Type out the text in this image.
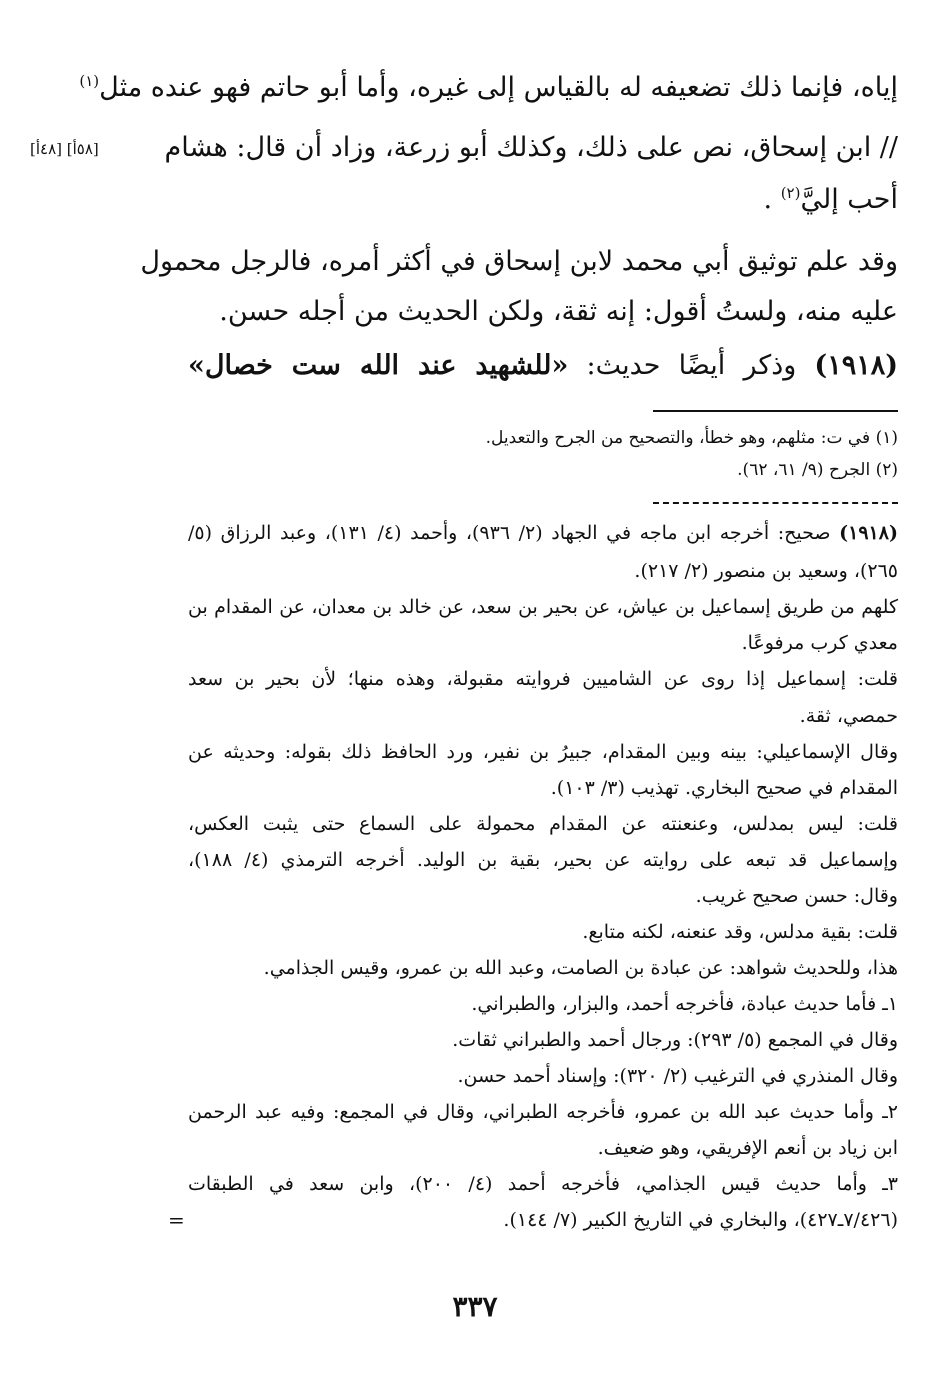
[٥٨أ] [٤٨أ]
إياه، فإنما ذلك تضعيفه له بالقياس إلى غيره، وأما أبو حاتم فهو عنده مثل$^{(١)}$
// ابن إسحاق، نص على ذلك، وكذلك أبو زرعة، وزاد أن قال: هشام
أحب إليَّ$^{(٢)}$ .
وقد علم توثيق أبي محمد لابن إسحاق في أكثر أمره، فالرجل محمول
عليه منه، ولستُ أقول: إنه ثقة، ولكن الحديث من أجله حسن.
(١٩١٨) وذكر أيضًا حديث: «للشهيد عند الله ست خصال»
(١) في ت: مثلهم، وهو خطأ، والتصحيح من الجرح والتعديل.
(٢) الجرح (٩/ ٦١، ٦٢).
(١٩١٨) صحيح: أخرجه ابن ماجه في الجهاد (٢/ ٩٣٦)، وأحمد (٤/ ١٣١)، وعبد الرزاق (٥/
٢٦٥)، وسعيد بن منصور (٢/ ٢١٧).
كلهم من طريق إسماعيل بن عياش، عن بحير بن سعد، عن خالد بن معدان، عن المقدام بن
معدي كرب مرفوعًا.
قلت: إسماعيل إذا روى عن الشاميين فروايته مقبولة، وهذه منها؛ لأن بحير بن سعد
حمصي، ثقة.
وقال الإسماعيلي: بينه وبين المقدام، جبيرُ بن نفير، ورد الحافظ ذلك بقوله: وحديثه عن
المقدام في صحيح البخاري. تهذيب (٣/ ١٠٣).
قلت: ليس بمدلس، وعنعنته عن المقدام محمولة على السماع حتى يثبت العكس،
وإسماعيل قد تبعه على روايته عن بحير، بقية بن الوليد. أخرجه الترمذي (٤/ ١٨٨)،
وقال: حسن صحيح غريب.
قلت: بقية مدلس، وقد عنعنه، لكنه متابع.
هذا، وللحديث شواهد: عن عبادة بن الصامت، وعبد الله بن عمرو، وقيس الجذامي.
١ـ فأما حديث عبادة، فأخرجه أحمد، والبزار، والطبراني.
وقال في المجمع (٥/ ٢٩٣): ورجال أحمد والطبراني ثقات.
وقال المنذري في الترغيب (٢/ ٣٢٠): وإسناد أحمد حسن.
٢ـ وأما حديث عبد الله بن عمرو، فأخرجه الطبراني، وقال في المجمع: وفيه عبد الرحمن
ابن زياد بن أنعم الإفريقي، وهو ضعيف.
٣ـ وأما حديث قيس الجذامي، فأخرجه أحمد (٤/ ٢٠٠)، وابن سعد في الطبقات
(٧/٤٢٦ـ٤٢٧)، والبخاري في التاريخ الكبير (٧/ ١٤٤).
=
٣٣٧
